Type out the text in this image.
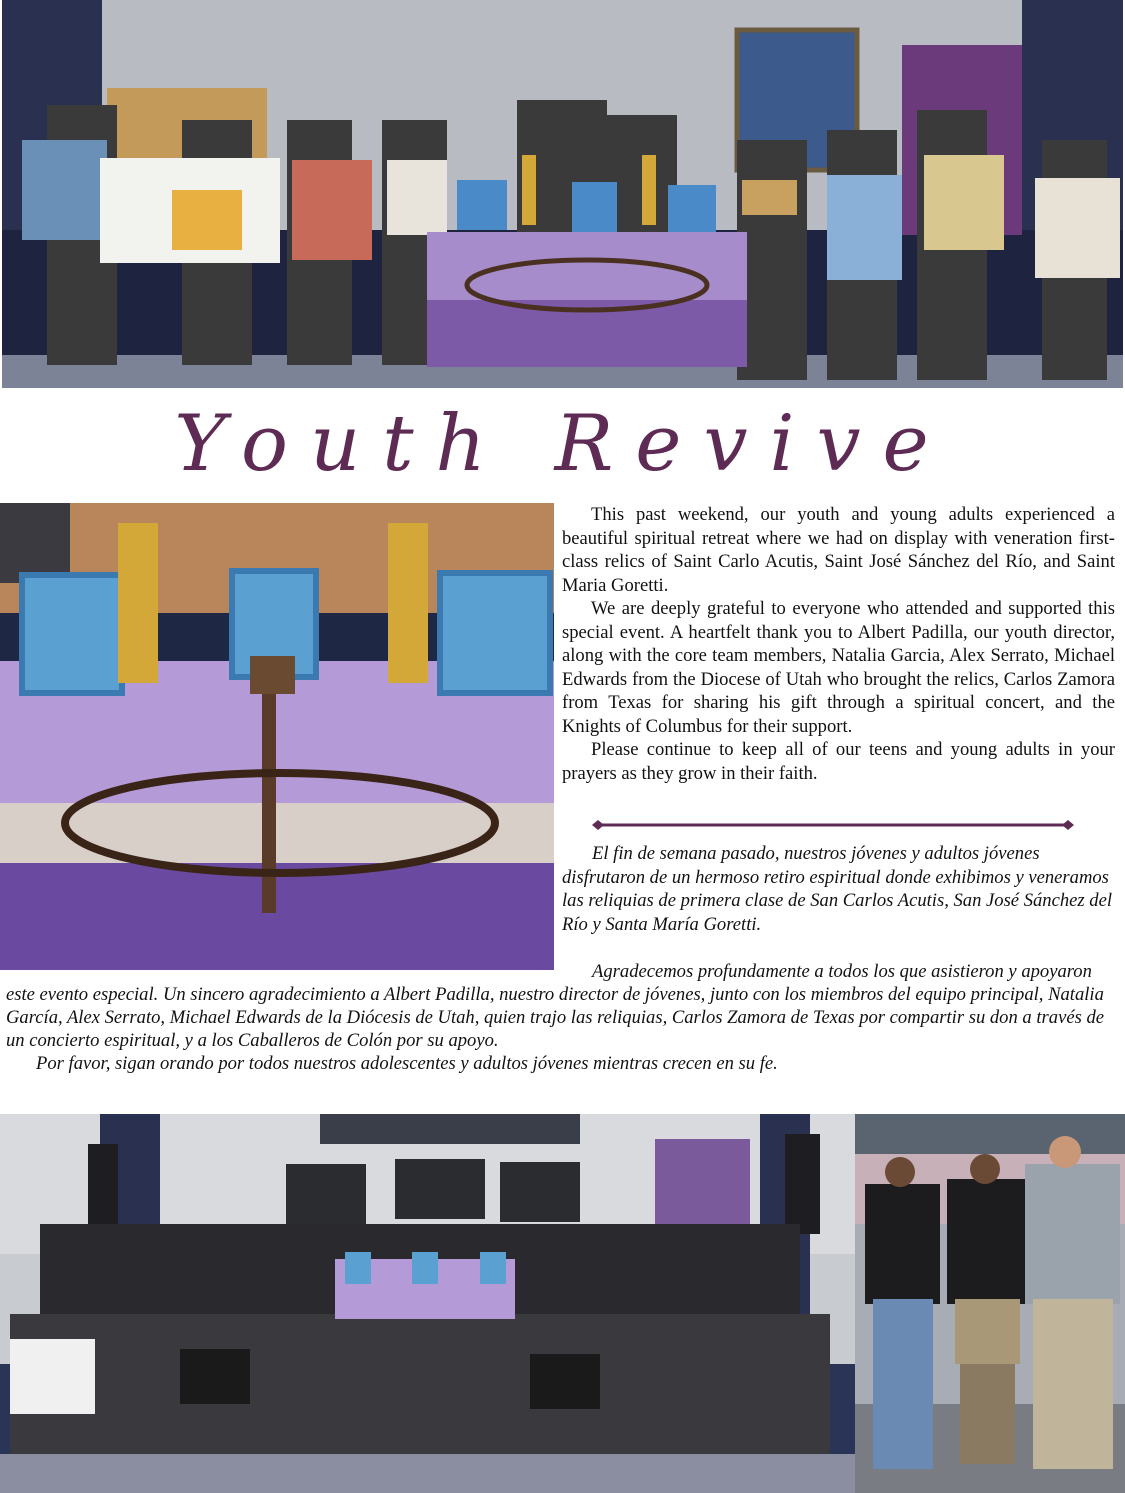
Youth Revive

This past weekend, our youth and young adults experienced a beautiful spiritual retreat where we had on display with veneration first-class relics of Saint Carlo Acutis, Saint José Sánchez del Río, and Saint Maria Goretti.

We are deeply grateful to everyone who attended and supported this special event. A heartfelt thank you to Albert Padilla, our youth director, along with the core team members, Natalia Garcia, Alex Serrato, Michael Edwards from the Diocese of Utah who brought the relics, Carlos Zamora from Texas for sharing his gift through a spiritual concert, and the Knights of Columbus for their support.

Please continue to keep all of our teens and young adults in your prayers as they grow in their faith.

El fin de semana pasado, nuestros jóvenes y adultos jóvenes disfrutaron de un hermoso retiro espiritual donde exhibimos y veneramos las reliquias de primera clase de San Carlos Acutis, San José Sánchez del Río y Santa María Goretti.

Agradecemos profundamente a todos los que asistieron y apoyaron este evento especial. Un sincero agradecimiento a Albert Padilla, nuestro director de jóvenes, junto con los miembros del equipo principal, Natalia García, Alex Serrato, Michael Edwards de la Diócesis de Utah, quien trajo las reliquias, Carlos Zamora de Texas por compartir su don a través de un concierto espiritual, y a los Caballeros de Colón por su apoyo.

Por favor, sigan orando por todos nuestros adolescentes y adultos jóvenes mientras crecen en su fe.
